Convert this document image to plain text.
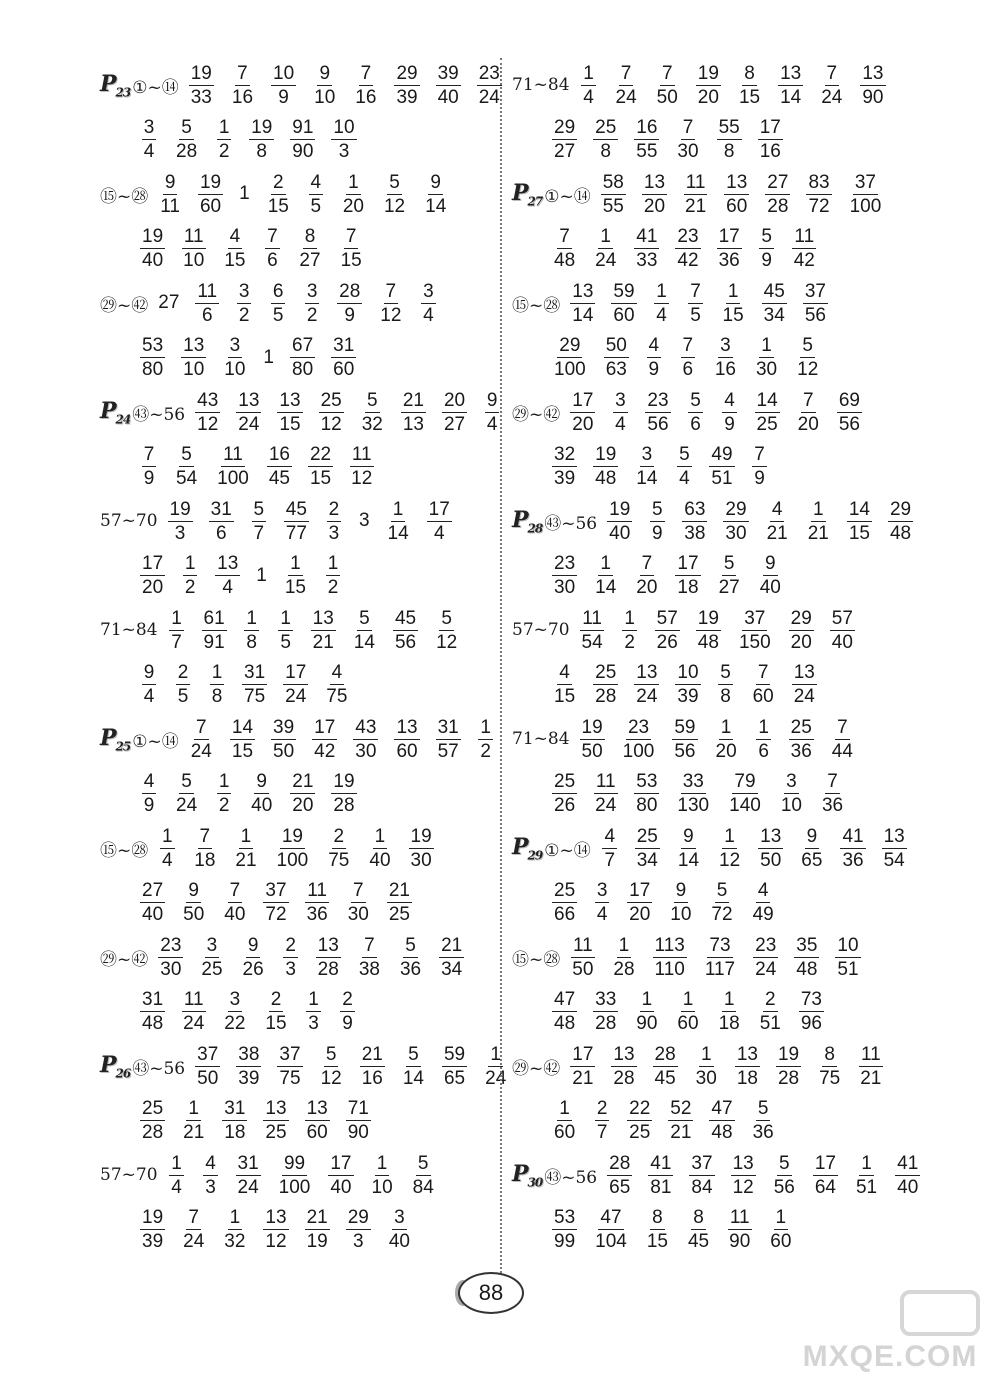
$P_{23}$ ①~⑭ $\frac{19}{33} \frac{7}{16} \frac{10}{9} \frac{9}{10} \frac{7}{16} \frac{29}{39} \frac{39}{40} \frac{23}{24}$
$\frac{3}{4} \frac{5}{28} \frac{1}{2} \frac{19}{8} \frac{91}{90} \frac{10}{3}$
⑮~㉘ $\frac{9}{11} \frac{19}{60} 1 \frac{2}{15} \frac{4}{5} \frac{1}{20} \frac{5}{12} \frac{9}{14}$
$\frac{19}{40} \frac{11}{10} \frac{4}{15} \frac{7}{6} \frac{8}{27} \frac{7}{15}$
㉙~㊷ $27 \frac{11}{6} \frac{3}{2} \frac{6}{5} \frac{3}{2} \frac{28}{9} \frac{7}{12} \frac{3}{4}$
$\frac{53}{80} \frac{13}{10} \frac{3}{10} 1 \frac{67}{80} \frac{31}{60}$
$P_{24}$ ㊸~56 $\frac{43}{12} \frac{13}{24} \frac{13}{15} \frac{25}{12} \frac{5}{32} \frac{21}{13} \frac{20}{27} \frac{9}{4}$
$\frac{7}{9} \frac{5}{54} \frac{11}{100} \frac{16}{45} \frac{22}{15} \frac{11}{12}$
57~70 $\frac{19}{3} \frac{31}{6} \frac{5}{7} \frac{45}{77} \frac{2}{3} 3 \frac{1}{14} \frac{17}{4}$
$\frac{17}{20} \frac{1}{2} \frac{13}{4} 1 \frac{1}{15} \frac{1}{2}$
71~84 $\frac{1}{7} \frac{61}{91} \frac{1}{8} \frac{1}{5} \frac{13}{21} \frac{5}{14} \frac{45}{56} \frac{5}{12}$
$\frac{9}{4} \frac{2}{5} \frac{1}{8} \frac{31}{75} \frac{17}{24} \frac{4}{75}$
$P_{25}$ ①~⑭ $\frac{7}{24} \frac{14}{15} \frac{39}{50} \frac{17}{42} \frac{43}{30} \frac{13}{60} \frac{31}{57} \frac{1}{2}$
$\frac{4}{9} \frac{5}{24} \frac{1}{2} \frac{9}{40} \frac{21}{20} \frac{19}{28}$
⑮~㉘ $\frac{1}{4} \frac{7}{18} \frac{1}{21} \frac{19}{100} \frac{2}{75} \frac{1}{40} \frac{19}{30}$
$\frac{27}{40} \frac{9}{50} \frac{7}{40} \frac{37}{72} \frac{11}{36} \frac{7}{30} \frac{21}{25}$
㉙~㊷ $\frac{23}{30} \frac{3}{25} \frac{9}{26} \frac{2}{3} \frac{13}{28} \frac{7}{38} \frac{5}{36} \frac{21}{34}$
$\frac{31}{48} \frac{11}{24} \frac{3}{22} \frac{2}{15} \frac{1}{3} \frac{2}{9}$
$P_{26}$ ㊸~56 $\frac{37}{50} \frac{38}{39} \frac{37}{75} \frac{5}{12} \frac{21}{16} \frac{5}{14} \frac{59}{65} \frac{1}{24}$
$\frac{25}{28} \frac{1}{21} \frac{31}{18} \frac{13}{25} \frac{13}{60} \frac{71}{90}$
57~70 $\frac{1}{4} \frac{4}{3} \frac{31}{24} \frac{99}{100} \frac{17}{40} \frac{1}{10} \frac{5}{84}$
$\frac{19}{39} \frac{7}{24} \frac{1}{32} \frac{13}{12} \frac{21}{19} \frac{29}{3} \frac{3}{40}$
71~84 $\frac{1}{4} \frac{7}{24} \frac{7}{50} \frac{19}{20} \frac{8}{15} \frac{13}{14} \frac{7}{24} \frac{13}{90}$
$\frac{29}{27} \frac{25}{8} \frac{16}{55} \frac{7}{30} \frac{55}{8} \frac{17}{16}$
$P_{27}$ ①~⑭ $\frac{58}{55} \frac{13}{20} \frac{11}{21} \frac{13}{60} \frac{27}{28} \frac{83}{72} \frac{37}{100}$
$\frac{7}{48} \frac{1}{24} \frac{41}{33} \frac{23}{42} \frac{17}{36} \frac{5}{9} \frac{11}{42}$
⑮~㉘ $\frac{13}{14} \frac{59}{60} \frac{1}{4} \frac{7}{5} \frac{1}{15} \frac{45}{34} \frac{37}{56}$
$\frac{29}{100} \frac{50}{63} \frac{4}{9} \frac{7}{6} \frac{3}{16} \frac{1}{30} \frac{5}{12}$
㉙~㊷ $\frac{17}{20} \frac{3}{4} \frac{23}{56} \frac{5}{6} \frac{4}{9} \frac{14}{25} \frac{7}{20} \frac{69}{56}$
$\frac{32}{39} \frac{19}{48} \frac{3}{14} \frac{5}{4} \frac{49}{51} \frac{7}{9}$
$P_{28}$ ㊸~56 $\frac{19}{40} \frac{5}{9} \frac{63}{38} \frac{29}{30} \frac{4}{21} \frac{1}{21} \frac{14}{15} \frac{29}{48}$
$\frac{23}{30} \frac{1}{14} \frac{7}{20} \frac{17}{18} \frac{5}{27} \frac{9}{40}$
57~70 $\frac{11}{54} \frac{1}{2} \frac{57}{26} \frac{19}{48} \frac{37}{150} \frac{29}{20} \frac{57}{40}$
$\frac{4}{15} \frac{25}{28} \frac{13}{24} \frac{10}{39} \frac{5}{8} \frac{7}{60} \frac{13}{24}$
71~84 $\frac{19}{50} \frac{23}{100} \frac{59}{56} \frac{1}{20} \frac{1}{6} \frac{25}{36} \frac{7}{44}$
$\frac{25}{26} \frac{11}{24} \frac{53}{80} \frac{33}{130} \frac{79}{140} \frac{3}{10} \frac{7}{36}$
$P_{29}$ ①~⑭ $\frac{4}{7} \frac{25}{34} \frac{9}{14} \frac{1}{12} \frac{13}{50} \frac{9}{65} \frac{41}{36} \frac{13}{54}$
$\frac{25}{66} \frac{3}{4} \frac{17}{20} \frac{9}{10} \frac{5}{72} \frac{4}{49}$
⑮~㉘ $\frac{11}{50} \frac{1}{28} \frac{113}{110} \frac{73}{117} \frac{23}{24} \frac{35}{48} \frac{10}{51}$
$\frac{47}{48} \frac{33}{28} \frac{1}{90} \frac{1}{60} \frac{1}{18} \frac{2}{51} \frac{73}{96}$
㉙~㊷ $\frac{17}{21} \frac{13}{28} \frac{28}{45} \frac{1}{30} \frac{13}{18} \frac{19}{28} \frac{8}{75} \frac{11}{21}$
$\frac{1}{60} \frac{2}{7} \frac{22}{25} \frac{52}{21} \frac{47}{48} \frac{5}{36}$
$P_{30}$ ㊸~56 $\frac{28}{65} \frac{41}{81} \frac{37}{84} \frac{13}{12} \frac{5}{56} \frac{17}{64} \frac{1}{51} \frac{41}{40}$
$\frac{53}{99} \frac{47}{104} \frac{8}{15} \frac{8}{45} \frac{11}{90} \frac{1}{60}$
88
MXQE.COM
